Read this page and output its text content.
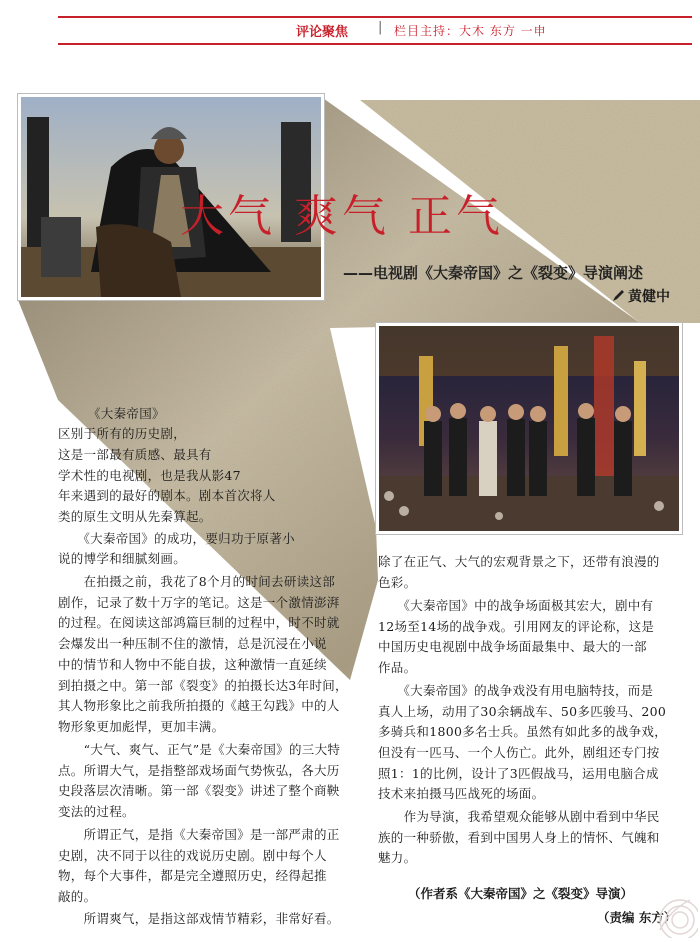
评论聚焦 | 栏目主持：大木 东方 一申
大气 爽气 正气
——电视剧《大秦帝国》之《裂变》导演阐述
黄健中
《大秦帝国》
区别于所有的历史剧，
这是一部最有质感、最具有
学术性的电视剧，也是我从影47
年来遇到的最好的剧本。剧本首次将人
类的原生文明从先秦算起。
　　《大秦帝国》的成功，要归功于原著小
说的博学和细腻刻画。
　　在拍摄之前，我花了8个月的时间去研读这部
剧作，记录了数十万字的笔记。这是一个激情澎湃
的过程。在阅读这部鸿篇巨制的过程中，时不时就
会爆发出一种压制不住的激情，总是沉浸在小说
中的情节和人物中不能自拔，这种激情一直延续
到拍摄之中。第一部《裂变》的拍摄长达3年时间，
其人物形象比之前我所拍摄的《越王勾践》中的人
物形象更加彪悍，更加丰满。
　　“大气、爽气、正气”是《大秦帝国》的三大特
点。所谓大气，是指整部戏场面气势恢弘，各大历
史段落层次清晰。第一部《裂变》讲述了整个商鞅
变法的过程。
　　所谓正气，是指《大秦帝国》是一部严肃的正
史剧，决不同于以往的戏说历史剧。剧中每个人
物，每个大事件，都是完全遵照历史，经得起推
敲的。
　　所谓爽气，是指这部戏情节精彩，非常好看。
除了在正气、大气的宏观背景之下，还带有浪漫的
色彩。
　　《大秦帝国》中的战争场面极其宏大，剧中有
12场至14场的战争戏。引用网友的评论称，这是
中国历史电视剧中战争场面最集中、最大的一部
作品。
　　《大秦帝国》的战争戏没有用电脑特技，而是
真人上场，动用了30余辆战车、50多匹骏马、200
多骑兵和1800多名士兵。虽然有如此多的战争戏，
但没有一匹马、一个人伤亡。此外，剧组还专门按
照1：1的比例，设计了3匹假战马，运用电脑合成
技术来拍摄马匹战死的场面。
　　作为导演，我希望观众能够从剧中看到中华民
族的一种骄傲，看到中国男人身上的情怀、气魄和
魅力。
（作者系《大秦帝国》之《裂变》导演）
（责编 东方）
